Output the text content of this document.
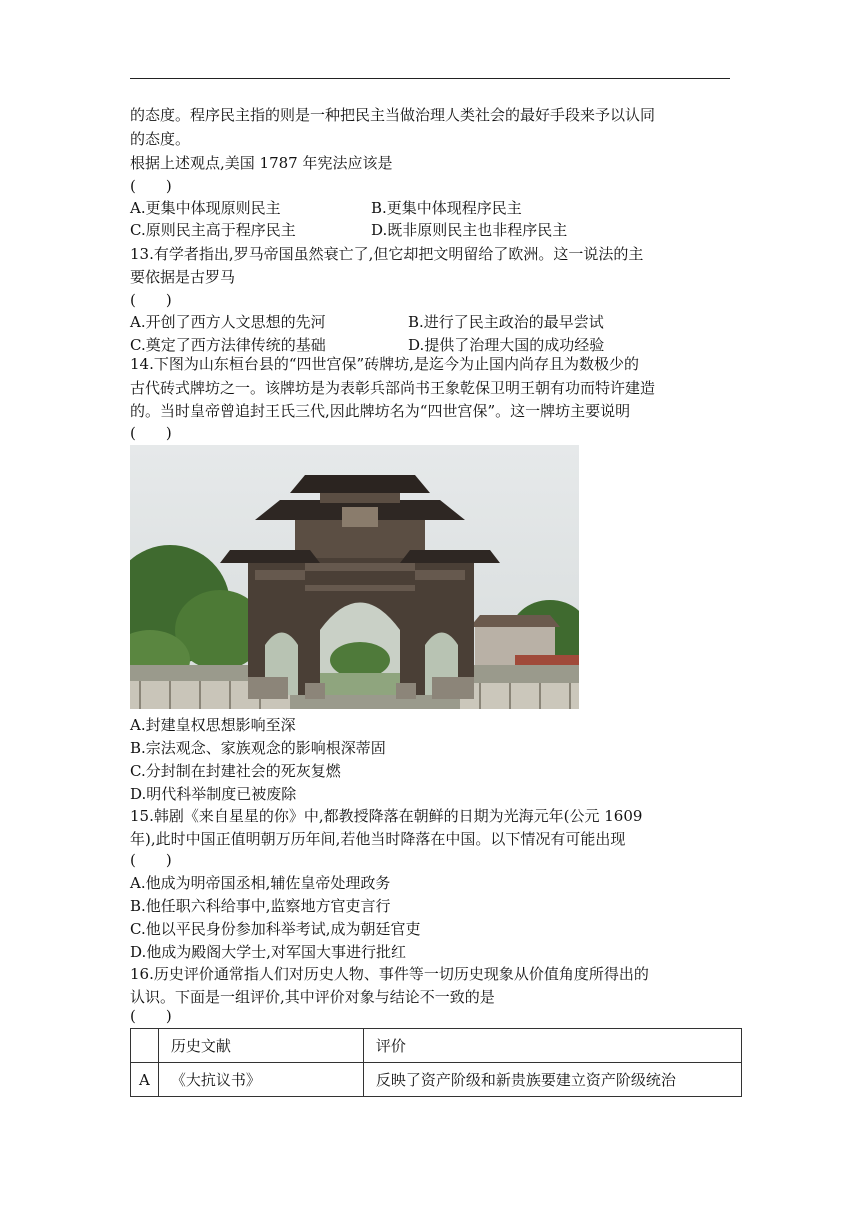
的态度。程序民主指的则是一种把民主当做治理人类社会的最好手段来予以认同
的态度。
根据上述观点,美国 1787 年宪法应该是
(　　)
A.更集中体现原则民主	B.更集中体现程序民主
C.原则民主高于程序民主	D.既非原则民主也非程序民主
13.有学者指出,罗马帝国虽然衰亡了,但它却把文明留给了欧洲。这一说法的主
要依据是古罗马
(　　)
A.开创了西方人文思想的先河	B.进行了民主政治的最早尝试
C.奠定了西方法律传统的基础	D.提供了治理大国的成功经验
14.下图为山东桓台县的“四世宫保”砖牌坊,是迄今为止国内尚存且为数极少的
古代砖式牌坊之一。该牌坊是为表彰兵部尚书王象乾保卫明王朝有功而特许建造
的。当时皇帝曾追封王氏三代,因此牌坊名为“四世宫保”。这一牌坊主要说明
(　　)
A.封建皇权思想影响至深
B.宗法观念、家族观念的影响根深蒂固
C.分封制在封建社会的死灰复燃
D.明代科举制度已被废除
15.韩剧《来自星星的你》中,都教授降落在朝鲜的日期为光海元年(公元 1609
年),此时中国正值明朝万历年间,若他当时降落在中国。以下情况有可能出现
(　　)
A.他成为明帝国丞相,辅佐皇帝处理政务
B.他任职六科给事中,监察地方官吏言行
C.他以平民身份参加科举考试,成为朝廷官吏
D.他成为殿阁大学士,对军国大事进行批红
16.历史评价通常指人们对历史人物、事件等一切历史现象从价值角度所得出的
认识。下面是一组评价,其中评价对象与结论不一致的是
(　　)
	历史文献	评价
A	《大抗议书》	反映了资产阶级和新贵族要建立资产阶级统治
